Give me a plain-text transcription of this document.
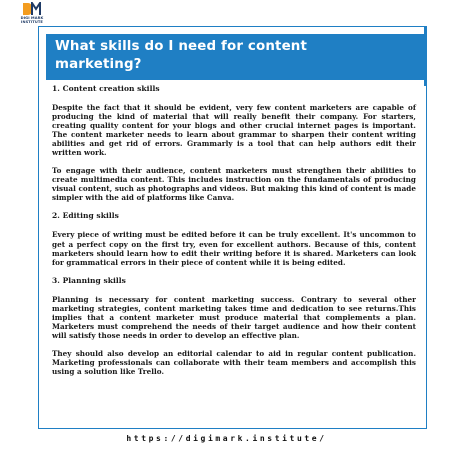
DIGI MARK
INSTITUTE
What skills do I need for content
marketing?
1. Content creation skills

Despite the fact that it should be evident, very few content marketers are capable of producing the kind of material that will really benefit their company. For starters, creating quality content for your blogs and other crucial internet pages is important. The content marketer needs to learn about grammar to sharpen their content writing abilities and get rid of errors. Grammarly is a tool that can help authors edit their written work.

To engage with their audience, content marketers must strengthen their abilities to create multimedia content. This includes instruction on the fundamentals of producing visual content, such as photographs and videos. But making this kind of content is made simpler with the aid of platforms like Canva.

2. Editing skills

Every piece of writing must be edited before it can be truly excellent. It's uncommon to get a perfect copy on the first try, even for excellent authors. Because of this, content marketers should learn how to edit their writing before it is shared. Marketers can look for grammatical errors in their piece of content while it is being edited.

3. Planning skills

Planning is necessary for content marketing success. Contrary to several other marketing strategies, content marketing takes time and dedication to see returns.This implies that a content marketer must produce material that complements a plan. Marketers must comprehend the needs of their target audience and how their content will satisfy those needs in order to develop an effective plan.

They should also develop an editorial calendar to aid in regular content publication. Marketing professionals can collaborate with their team members and accomplish this using a solution like Trello.

https://digimark.institute/
